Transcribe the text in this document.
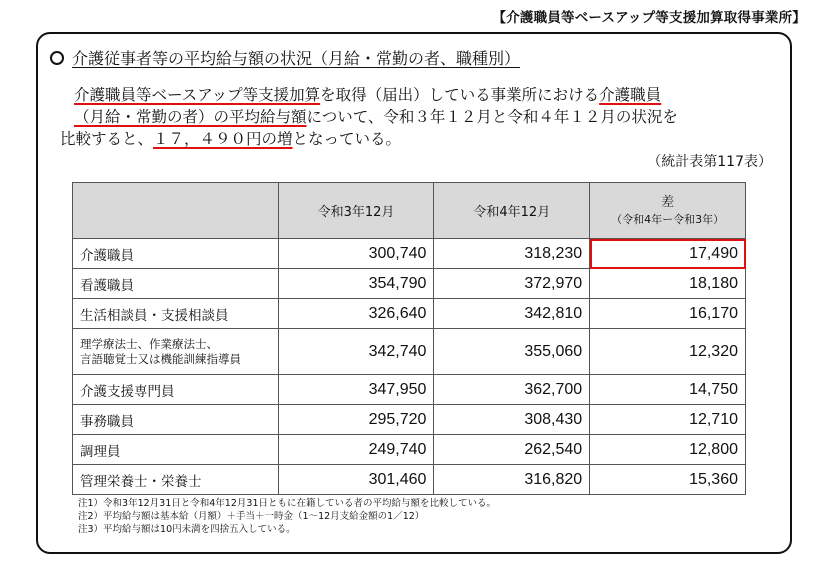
【介護職員等ベースアップ等支援加算取得事業所】
介護従事者等の平均給与額の状況（月給・常勤の者、職種別）
介護職員等ベースアップ等支援加算を取得（届出）している事業所における介護職員
（月給・常勤の者）の平均給与額について、令和３年１２月と令和４年１２月の状況を
比較すると、１７，４９０円の増となっている。
（統計表第117表）
	令和3年12月	令和4年12月	差
（令和4年ー令和3年）
介護職員	300,740	318,230	17,490
看護職員	354,790	372,970	18,180
生活相談員・支援相談員	326,640	342,810	16,170

理学療法士、作業療法士、
言語聴覚士又は機能訓練指導員	342,740	355,060	12,320
介護支援専門員	347,950	362,700	14,750
事務職員	295,720	308,430	12,710
調理員	249,740	262,540	12,800
管理栄養士・栄養士	301,460	316,820	15,360
注1）令和3年12月31日と令和4年12月31日ともに在籍している者の平均給与額を比較している。
注2）平均給与額は基本給（月額）＋手当＋一時金（1～12月支給金額の1／12）
注3）平均給与額は10円未満を四捨五入している。
